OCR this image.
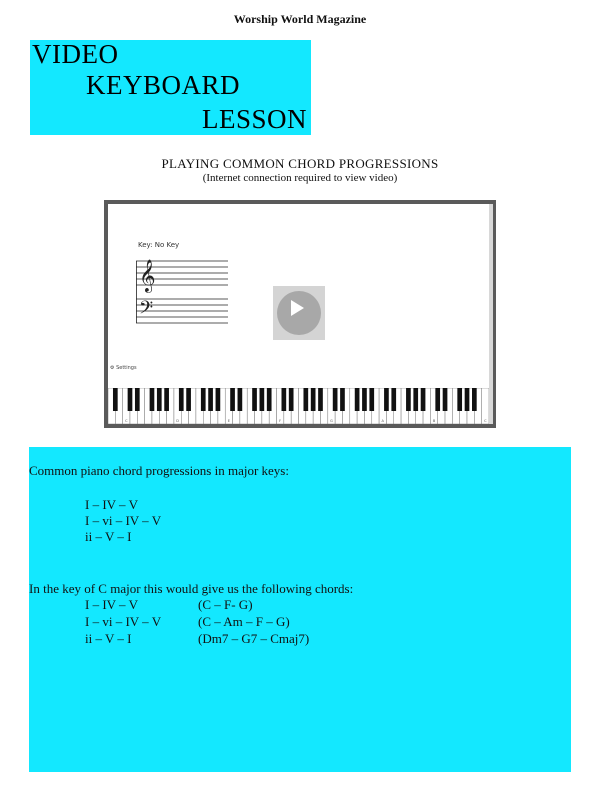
Worship World Magazine
VIDEO
KEYBOARD
LESSON
PLAYING COMMON CHORD PROGRESSIONS
(Internet connection required to view video)
Key: No Key
𝄞
𝄢
⚙ Settings
C	D	E	F	G	A	B	C
Common piano chord progressions in major keys:
I – IV – V
I – vi – IV – V
ii – V – I
In the key of C major this would give us the following chords:
I – IV – V	(C – F- G)
I – vi – IV – V	(C – Am – F – G)
ii – V – I	(Dm7 – G7 – Cmaj7)
